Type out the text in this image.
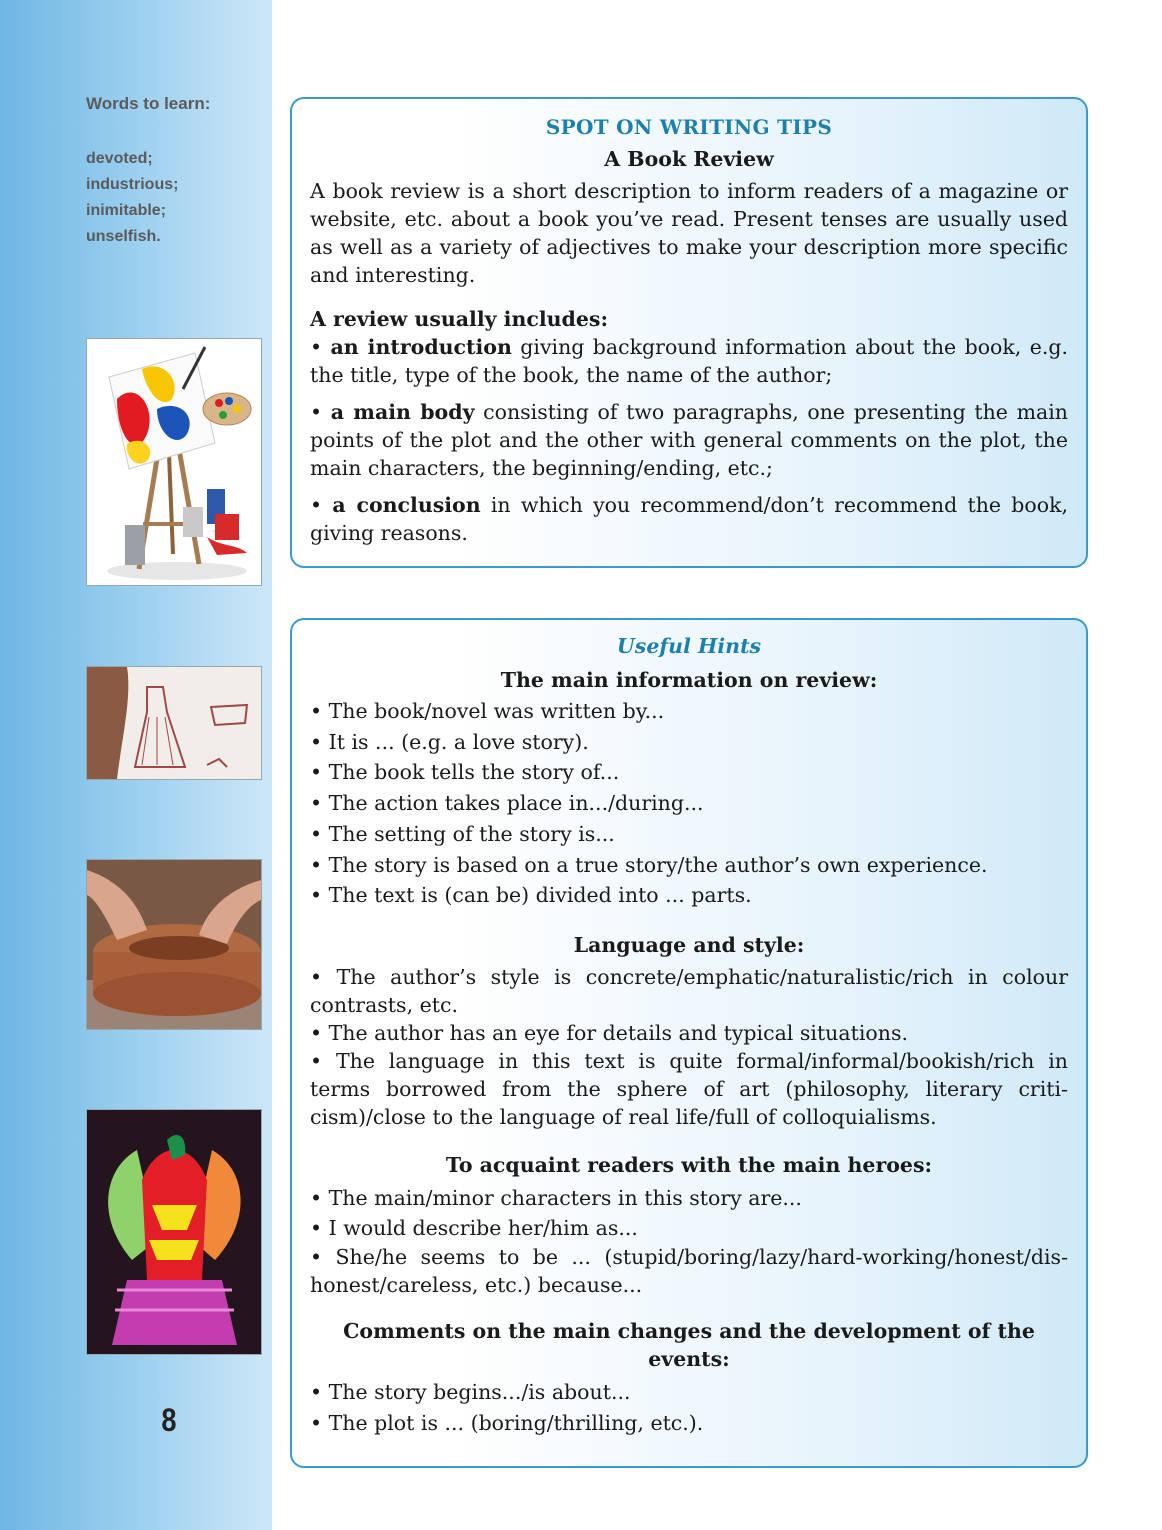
Words to learn:
devoted;
industrious;
inimitable;
unselfish.
8
SPOT ON WRITING TIPS
A Book Review

A book review is a short description to inform readers of a magazine or website, etc. about a book you’ve read. Present tenses are usually used as well as a variety of adjectives to make your description more specific and interesting.

A review usually includes:

• an introduction giving background information about the book, e.g. the title, type of the book, the name of the author;

• a main body consisting of two paragraphs, one presenting the main points of the plot and the other with general comments on the plot, the main characters, the beginning/ending, etc.;

• a conclusion in which you recommend/don’t recommend the book, giving reasons.

Useful Hints

The main information on review:

• The book/novel was written by...

• It is ... (e.g. a love story).

• The book tells the story of...

• The action takes place in.../during...

• The setting of the story is...

• The story is based on a true story/the author’s own experience.

• The text is (can be) divided into ... parts.

Language and style:

• The author’s style is concrete/emphatic/naturalistic/rich in colour contrasts, etc.

• The author has an eye for details and typical situations.

• The language in this text is quite formal/informal/bookish/rich in terms borrowed from the sphere of art (philosophy, literary criti-cism)/close to the language of real life/full of colloquialisms.

To acquaint readers with the main heroes:

• The main/minor characters in this story are...

• I would describe her/him as...

• She/he seems to be ... (stupid/boring/lazy/hard-working/honest/dis-honest/careless, etc.) because...

Comments on the main changes and the development of the events:

• The story begins.../is about...

• The plot is ... (boring/thrilling, etc.).
